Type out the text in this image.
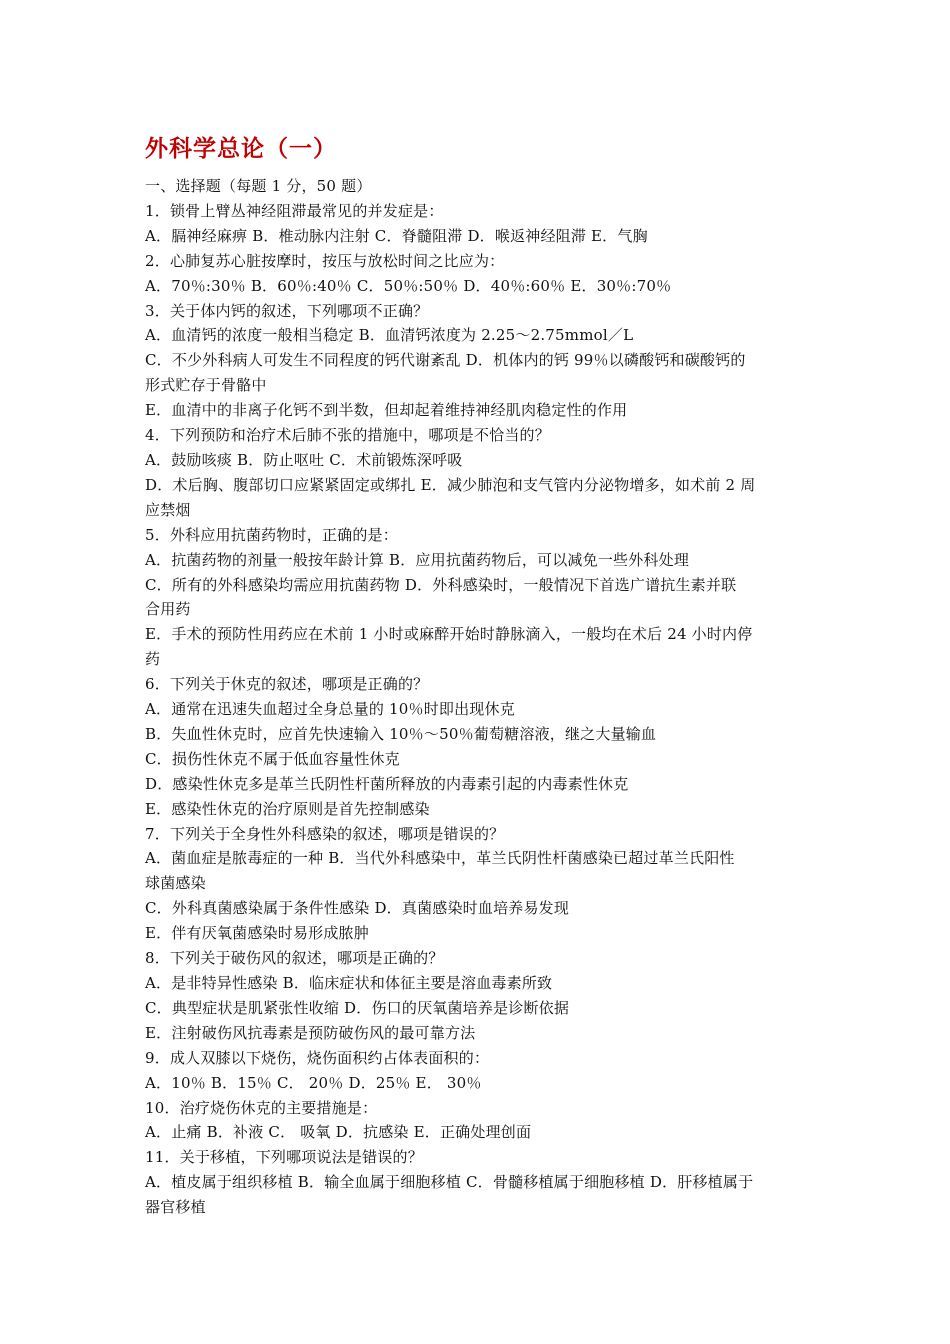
外科学总论（一）
一、选择题（每题 1 分，50 题）
1．锁骨上臂丛神经阻滞最常见的并发症是：
A．膈神经麻痹 B．椎动脉内注射 C．脊髓阻滞 D．喉返神经阻滞 E．气胸
2．心肺复苏心脏按摩时，按压与放松时间之比应为：
A．70％:30％ B．60％:40％ C．50％:50％ D．40％:60％ E．30％:70％
3．关于体内钙的叙述，下列哪项不正确？
A．血清钙的浓度一般相当稳定 B．血清钙浓度为 2.25～2.75mmol／L
C．不少外科病人可发生不同程度的钙代谢紊乱 D．机体内的钙 99％以磷酸钙和碳酸钙的
形式贮存于骨骼中
E．血清中的非离子化钙不到半数，但却起着维持神经肌肉稳定性的作用
4．下列预防和治疗术后肺不张的措施中，哪项是不恰当的？
A．鼓励咳痰 B．防止呕吐 C．术前锻炼深呼吸
D．术后胸、腹部切口应紧紧固定或绑扎 E．减少肺泡和支气管内分泌物增多，如术前 2 周
应禁烟
5．外科应用抗菌药物时，正确的是：
A．抗菌药物的剂量一般按年龄计算 B．应用抗菌药物后，可以减免一些外科处理
C．所有的外科感染均需应用抗菌药物 D．外科感染时，一般情况下首选广谱抗生素并联
合用药
E．手术的预防性用药应在术前 1 小时或麻醉开始时静脉滴入，一般均在术后 24 小时内停
药
6．下列关于休克的叙述，哪项是正确的？
A．通常在迅速失血超过全身总量的 10％时即出现休克
B．失血性休克时，应首先快速输入 10％～50％葡萄糖溶液，继之大量输血
C．损伤性休克不属于低血容量性休克
D．感染性休克多是革兰氏阴性杆菌所释放的内毒素引起的内毒素性休克
E．感染性休克的治疗原则是首先控制感染
7．下列关于全身性外科感染的叙述，哪项是错误的？
A．菌血症是脓毒症的一种 B．当代外科感染中，革兰氏阴性杆菌感染已超过革兰氏阳性
球菌感染
C．外科真菌感染属于条件性感染 D．真菌感染时血培养易发现
E．伴有厌氧菌感染时易形成脓肿
8．下列关于破伤风的叙述，哪项是正确的？
A．是非特异性感染 B．临床症状和体征主要是溶血毒素所致
C．典型症状是肌紧张性收缩 D．伤口的厌氧菌培养是诊断依据
E．注射破伤风抗毒素是预防破伤风的最可靠方法
9．成人双膝以下烧伤，烧伤面积约占体表面积的：
A．10％ B．15％ C． 20％ D．25％ E． 30％
10．治疗烧伤休克的主要措施是：
A．止痛 B．补液 C． 吸氧 D．抗感染 E．正确处理创面
11．关于移植，下列哪项说法是错误的？
A．植皮属于组织移植 B．输全血属于细胞移植 C．骨髓移植属于细胞移植 D．肝移植属于
器官移植
